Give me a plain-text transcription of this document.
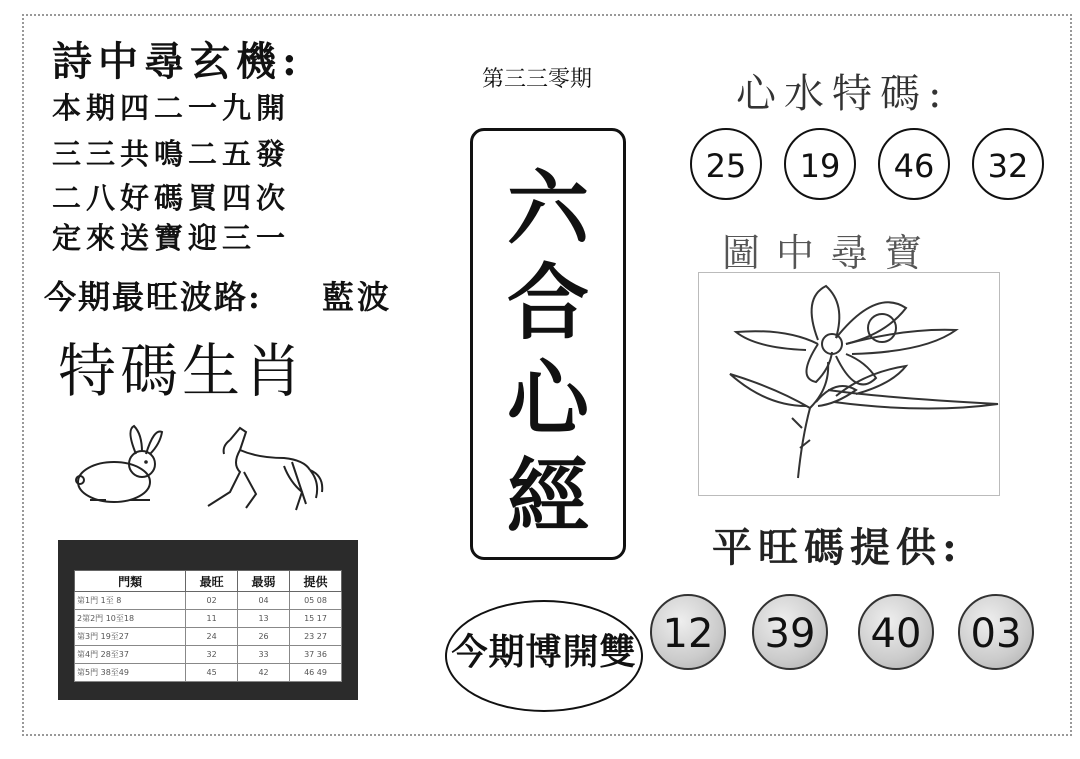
詩中尋玄機:
本期四二一九開
三三共鳴二五發
二八好碼買四次
定來送寶迎三一
今期最旺波路: 藍波
特碼生肖
門類	最旺	最弱	提供
第1門 1至 8	02	04	05 08
2第2門 10至18	11	13	15 17
第3門 19至27	24	26	23 27
第4門 28至37	32	33	37 36
第5門 38至49	45	42	46 49
第三三零期
六
合
心
經
今期博開雙
心水特碼:
25	19	46	32
圖中尋寶
平旺碼提供:
12	39	40	03
